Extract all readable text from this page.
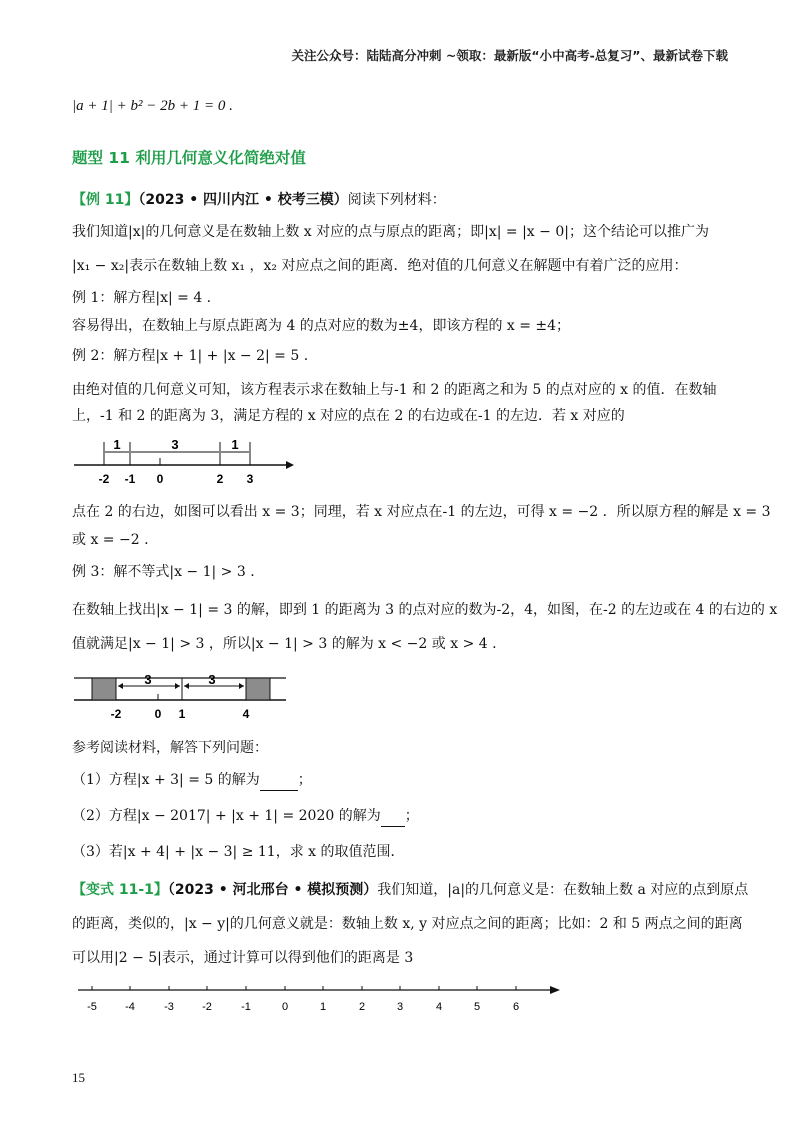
关注公众号：陆陆高分冲刺 ~领取：最新版“小中高考-总复习”、最新试卷下载
|a + 1| + b² − 2b + 1 = 0 .
题型 11 利用几何意义化简绝对值
【例 11】（2023 • 四川内江 • 校考三模）阅读下列材料：
我们知道|x|的几何意义是在数轴上数 x 对应的点与原点的距离；即|x| = |x − 0|；这个结论可以推广为
|x₁ − x₂|表示在数轴上数 x₁ ，x₂ 对应点之间的距离．绝对值的几何意义在解题中有着广泛的应用：
例 1：解方程|x| = 4 .
容易得出，在数轴上与原点距离为 4 的点对应的数为±4，即该方程的 x = ±4；
例 2：解方程|x + 1| + |x − 2| = 5 .
由绝对值的几何意义可知，该方程表示求在数轴上与-1 和 2 的距离之和为 5 的点对应的 x 的值．在数轴
上，-1 和 2 的距离为 3，满足方程的 x 对应的点在 2 的右边或在-1 的左边．若 x 对应的
1	3	1
-2 -1 0	2 3
点在 2 的右边，如图可以看出 x = 3；同理，若 x 对应点在-1 的左边，可得 x = −2 ．所以原方程的解是 x = 3
或 x = −2 .
例 3：解不等式|x − 1| > 3 .
在数轴上找出|x − 1| = 3 的解，即到 1 的距离为 3 的点对应的数为-2，4，如图，在-2 的左边或在 4 的右边的 x
值就满足|x − 1| > 3 ，所以|x − 1| > 3 的解为 x < −2 或 x > 4 .
3	3
-2	0 1	4
参考阅读材料，解答下列问题：
（1）方程|x + 3| = 5 的解为	；
（2）方程|x − 2017| + |x + 1| = 2020 的解为 ；
（3）若|x + 4| + |x − 3| ≥ 11，求 x 的取值范围．
【变式 11-1】（2023 • 河北邢台 • 模拟预测）我们知道，|a|的几何意义是：在数轴上数 a 对应的点到原点
的距离，类似的，|x − y|的几何意义就是：数轴上数 x, y 对应点之间的距离；比如：2 和 5 两点之间的距离
可以用|2 − 5|表示，通过计算可以得到他们的距离是 3
-5	-4	-3	-2	-1	0	1	2	3	4	5	6
15
